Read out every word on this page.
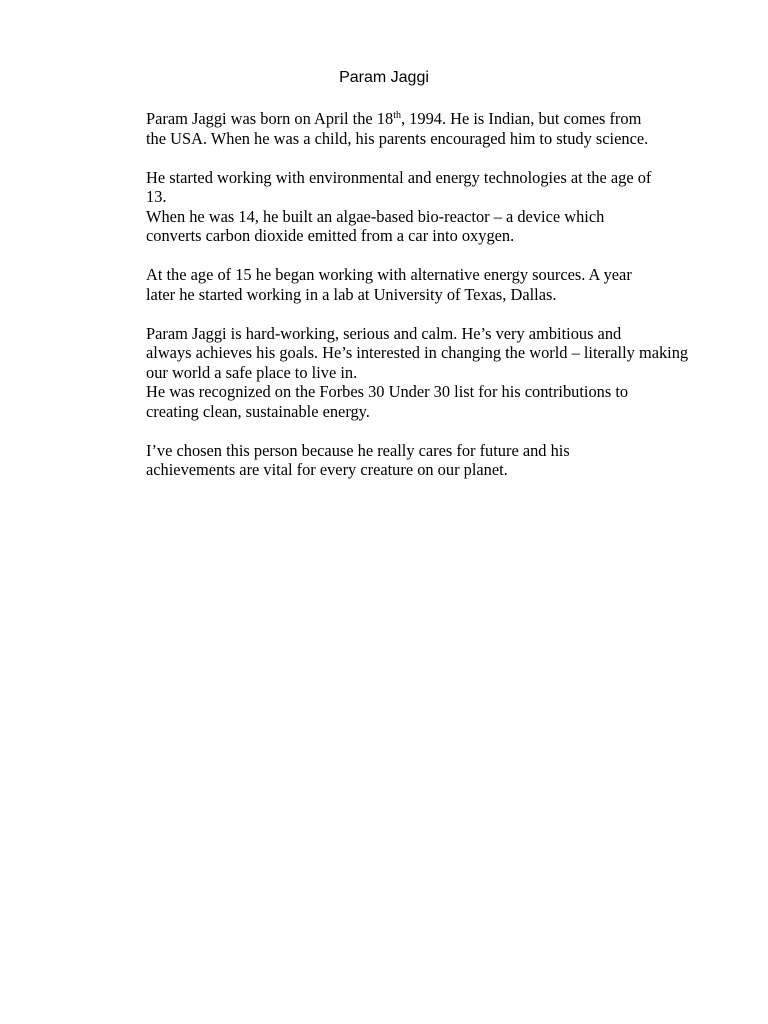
Param Jaggi

Param Jaggi was born on April the 18th, 1994. He is Indian, but comes from
the USA. When he was a child, his parents encouraged him to study science.

He started working with environmental and energy technologies at the age of
13.

When he was 14, he built an algae-based bio-reactor – a device which
converts carbon dioxide emitted from a car into oxygen.

At the age of 15 he began working with alternative energy sources. A year
later he started working in a lab at University of Texas, Dallas.

Param Jaggi is hard-working, serious and calm. He’s very ambitious and
always achieves his goals. He’s interested in changing the world – literally making
our world a safe place to live in.

He was recognized on the Forbes 30 Under 30 list for his contributions to
creating clean, sustainable energy.

I’ve chosen this person because he really cares for future and his
achievements are vital for every creature on our planet.
